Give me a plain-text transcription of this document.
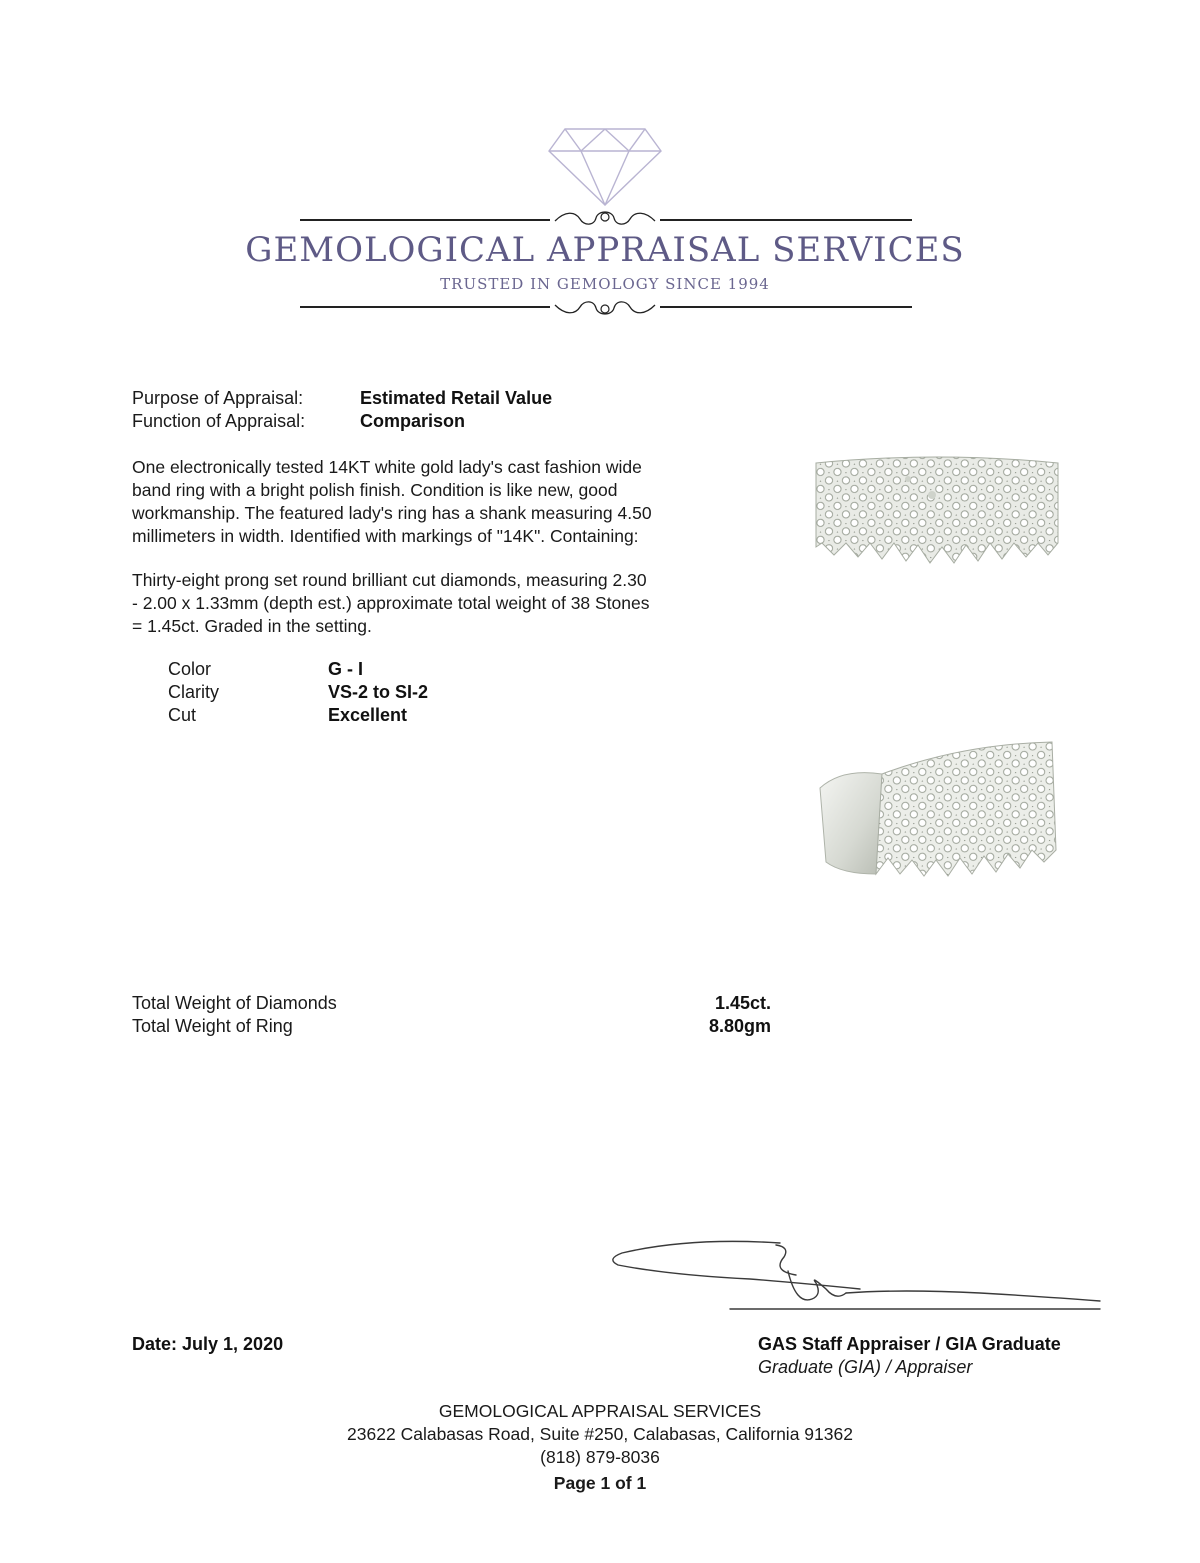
GEMOLOGICAL APPRAISAL SERVICES
TRUSTED IN GEMOLOGY SINCE 1994
Purpose of Appraisal:	Estimated Retail Value
Function of Appraisal:	Comparison
One electronically tested 14KT white gold lady's cast fashion wide
band ring with a bright polish finish. Condition is like new, good
workmanship. The featured lady's ring has a shank measuring 4.50
millimeters in width. Identified with markings of "14K". Containing:
Thirty-eight prong set round brilliant cut diamonds, measuring 2.30
- 2.00 x 1.33mm (depth est.) approximate total weight of 38 Stones
= 1.45ct. Graded in the setting.
Color	G - I
Clarity	VS-2 to SI-2
Cut	Excellent
Total Weight of Diamonds	1.45ct.
Total Weight of Ring	8.80gm
Date: July 1, 2020	GAS Staff Appraiser / GIA Graduate
Graduate (GIA) / Appraiser
GEMOLOGICAL APPRAISAL SERVICES
23622 Calabasas Road, Suite #250, Calabasas, California 91362
(818) 879-8036
Page 1 of 1
